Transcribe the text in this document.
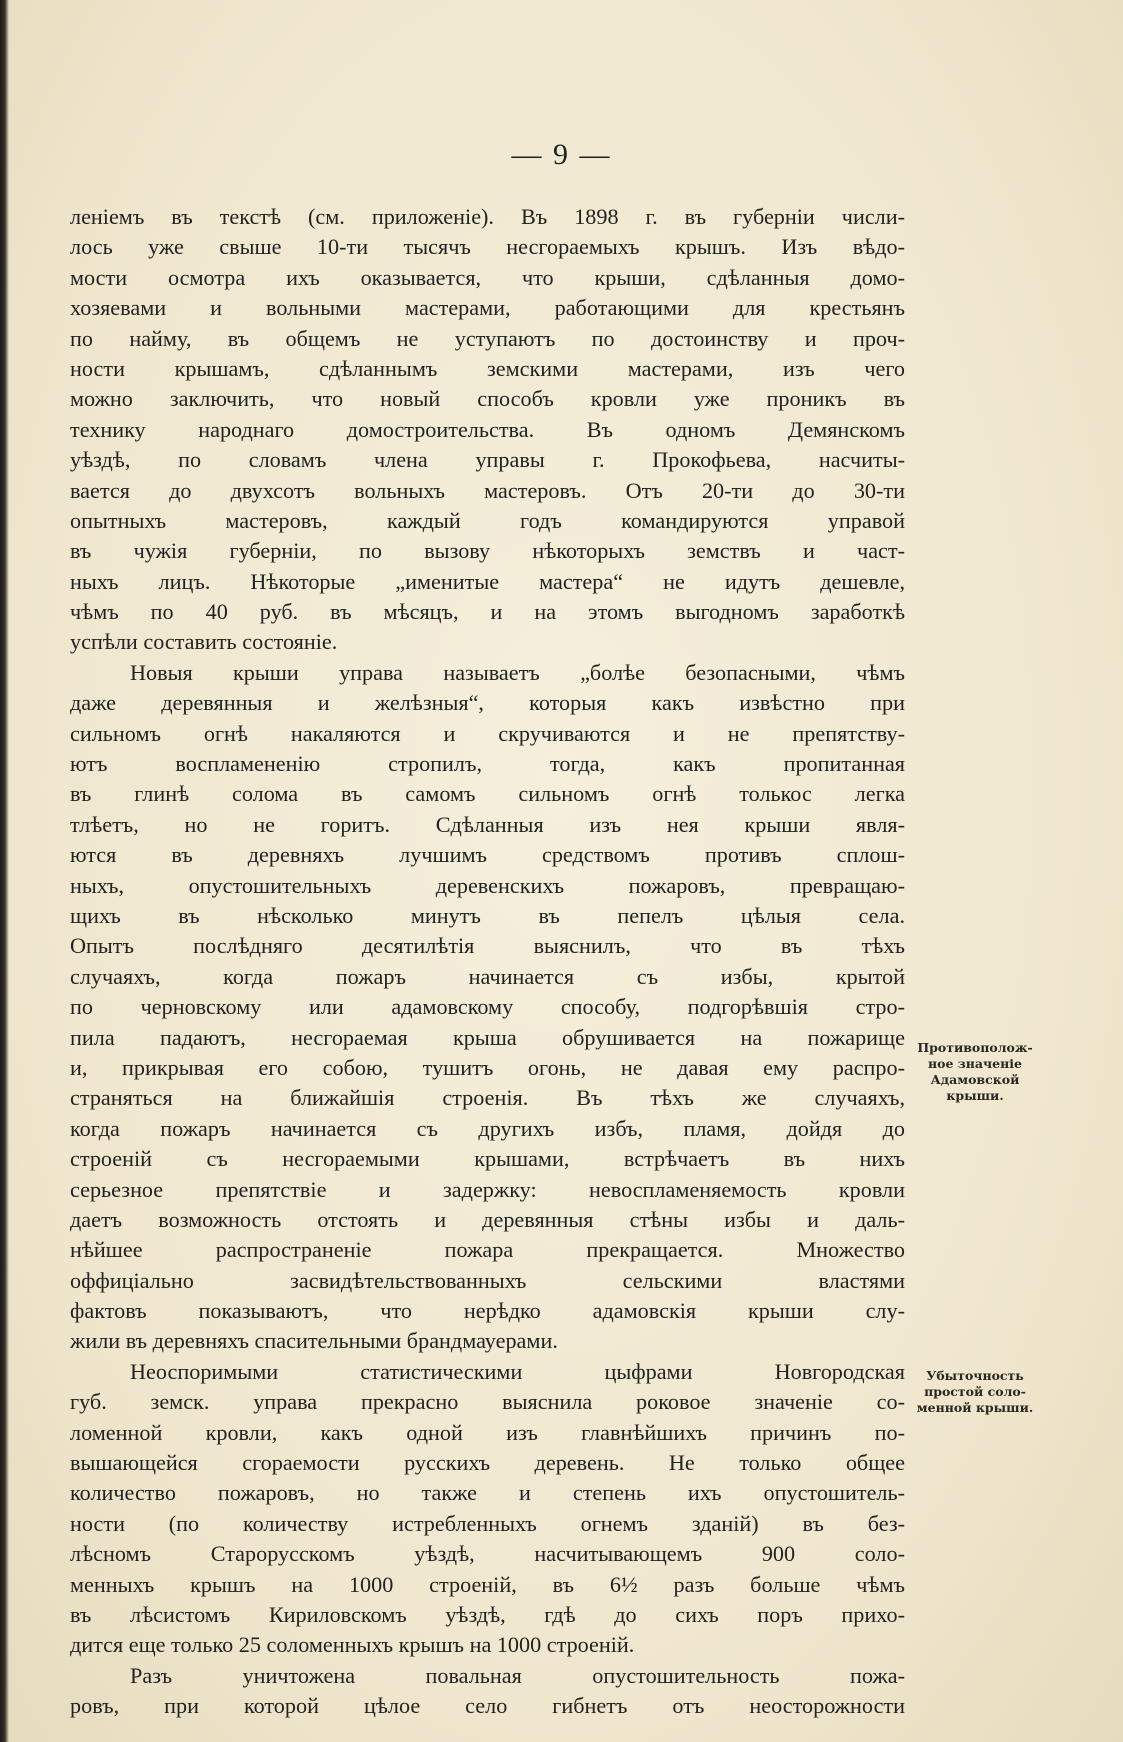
— 9 —
леніемъ въ текстѣ (см. приложеніе). Въ 1898 г. въ губерніи числи-
лось уже свыше 10-ти тысячъ несгораемыхъ крышъ. Изъ вѣдо-
мости осмотра ихъ оказывается, что крыши, сдѣланныя домо-
хозяевами и вольными мастерами, работающими для крестьянъ
по найму, въ общемъ не уступаютъ по достоинству и проч-
ности крышамъ, сдѣланнымъ земскими мастерами, изъ чего
можно заключить, что новый способъ кровли уже проникъ въ
технику народнаго домостроительства. Въ одномъ Демянскомъ
уѣздѣ, по словамъ члена управы г. Прокофьева, насчиты-
вается до двухсотъ вольныхъ мастеровъ. Отъ 20-ти до 30-ти
опытныхъ мастеровъ, каждый годъ командируются управой
въ чужія губерніи, по вызову нѣкоторыхъ земствъ и част-
ныхъ лицъ. Нѣкоторые „именитые мастера“ не идутъ дешевле,
чѣмъ по 40 руб. въ мѣсяцъ, и на этомъ выгодномъ заработкѣ
успѣли составить состояніе.
Новыя крыши управа называетъ „болѣе безопасными, чѣмъ
даже деревянныя и желѣзныя“, которыя какъ извѣстно при
сильномъ огнѣ накаляются и скручиваются и не препятству-
ютъ воспламененію стропилъ, тогда, какъ пропитанная
въ глинѣ солома въ самомъ сильномъ огнѣ толькос легка
тлѣетъ, но не горитъ. Сдѣланныя изъ нея крыши явля-
ются въ деревняхъ лучшимъ средствомъ противъ сплош-
ныхъ, опустошительныхъ деревенскихъ пожаровъ, превращаю-
щихъ въ нѣсколько минутъ въ пепелъ цѣлыя села.
Опытъ послѣдняго десятилѣтія выяснилъ, что въ тѣхъ
случаяхъ, когда пожаръ начинается съ избы, крытой
по черновскому или адамовскому способу, подгорѣвшія стро-
пила падаютъ, несгораемая крыша обрушивается на пожарище
и, прикрывая его собою, тушитъ огонь, не давая ему распро-
страняться на ближайшія строенія. Въ тѣхъ же случаяхъ,
когда пожаръ начинается съ другихъ избъ, пламя, дойдя до
строеній съ несгораемыми крышами, встрѣчаетъ въ нихъ
серьезное препятствіе и задержку: невоспламеняемость кровли
даетъ возможность отстоять и деревянныя стѣны избы и даль-
нѣйшее распространеніе пожара прекращается. Множество
оффиціально засвидѣтельствованныхъ сельскими властями
фактовъ показываютъ, что нерѣдко адамовскія крыши слу-
жили въ деревняхъ спасительными брандмауерами.
Неоспоримыми статистическими цыфрами Новгородская
губ. земск. управа прекрасно выяснила роковое значеніе со-
ломенной кровли, какъ одной изъ главнѣйшихъ причинъ по-
вышающейся сгораемости русскихъ деревень. Не только общее
количество пожаровъ, но также и степень ихъ опустошитель-
ности (по количеству истребленныхъ огнемъ зданій) въ без-
лѣсномъ Старорусскомъ уѣздѣ, насчитывающемъ 900 соло-
менныхъ крышъ на 1000 строеній, въ 6½ разъ больше чѣмъ
въ лѣсистомъ Кириловскомъ уѣздѣ, гдѣ до сихъ поръ прихо-
дится еще только 25 соломенныхъ крышъ на 1000 строеній.
Разъ уничтожена повальная опустошительность пожа-
ровъ, при которой цѣлое село гибнетъ отъ неосторожности
Противополож-
ное значеніе
Адамовской
крыши.
Убыточность
простой соло-
менной крыши.
